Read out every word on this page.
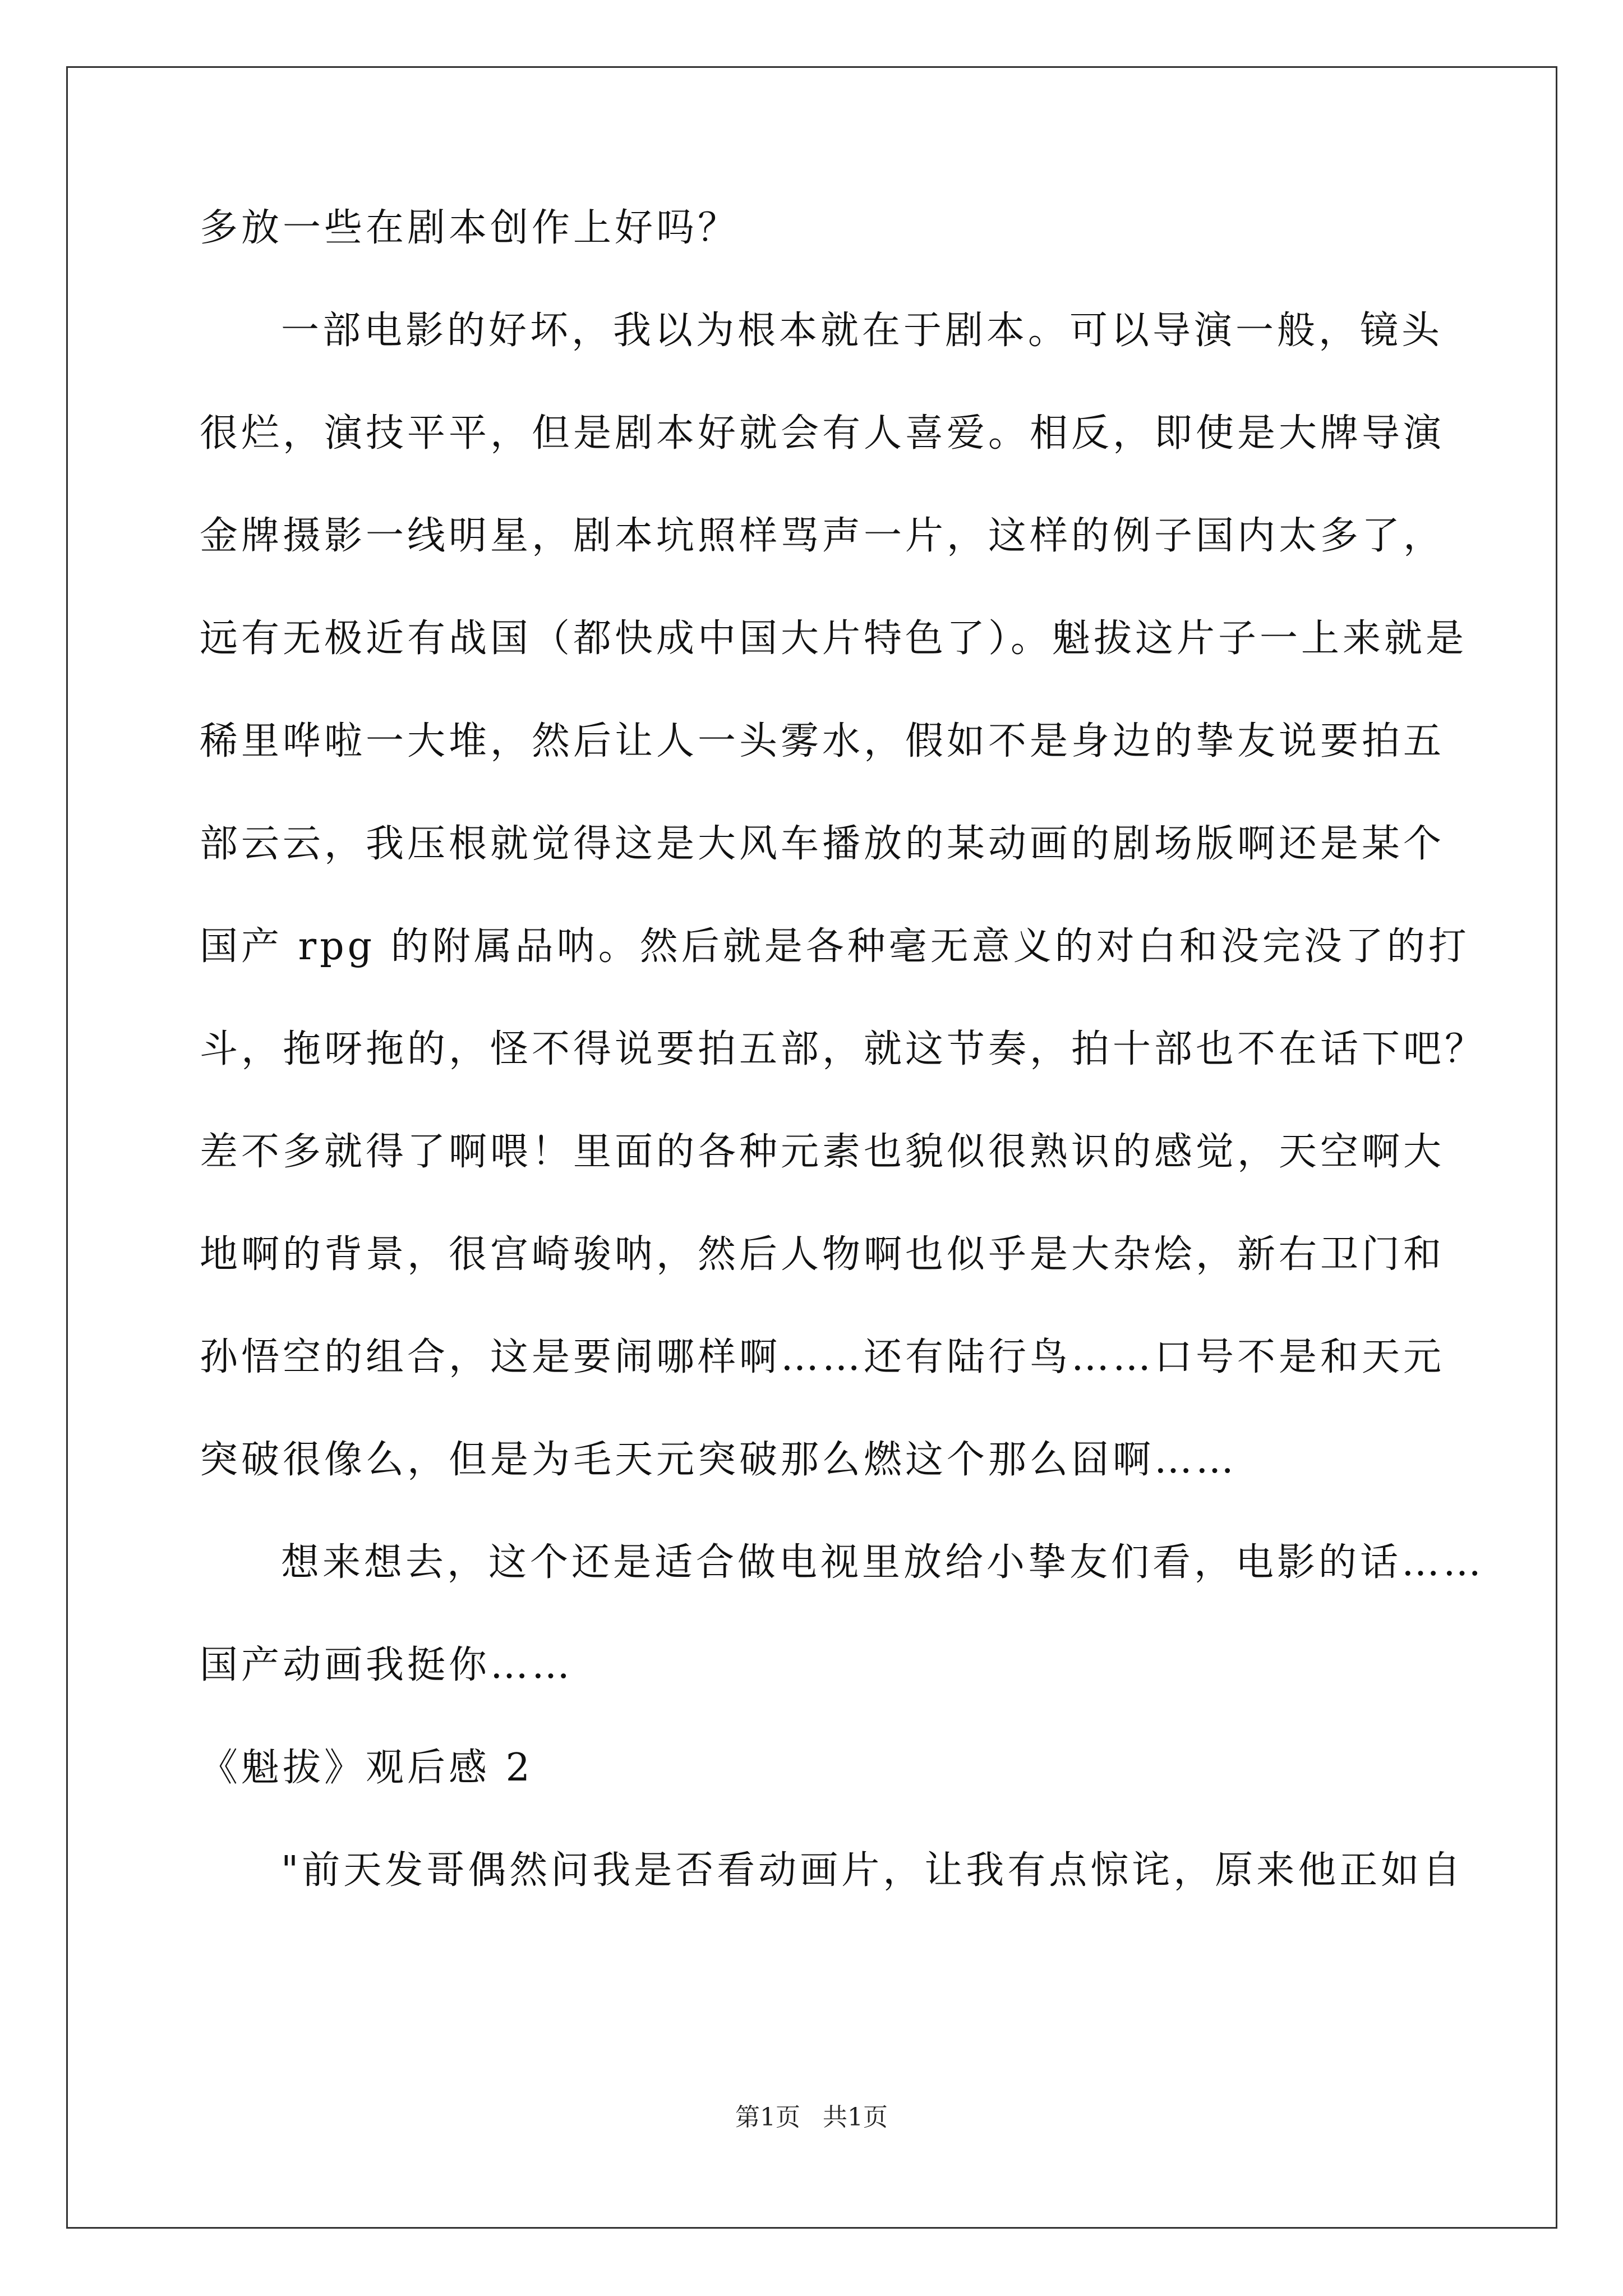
多放一些在剧本创作上好吗？
一部电影的好坏，我以为根本就在于剧本。可以导演一般，镜头
很烂，演技平平，但是剧本好就会有人喜爱。相反，即使是大牌导演
金牌摄影一线明星，剧本坑照样骂声一片，这样的例子国内太多了，
远有无极近有战国（都快成中国大片特色了）。魁拔这片子一上来就是
稀里哗啦一大堆，然后让人一头雾水，假如不是身边的挚友说要拍五
部云云，我压根就觉得这是大风车播放的某动画的剧场版啊还是某个
国产 rpg 的附属品呐。然后就是各种毫无意义的对白和没完没了的打
斗，拖呀拖的，怪不得说要拍五部，就这节奏，拍十部也不在话下吧？
差不多就得了啊喂！里面的各种元素也貌似很熟识的感觉，天空啊大
地啊的背景，很宫崎骏呐，然后人物啊也似乎是大杂烩，新右卫门和
孙悟空的组合，这是要闹哪样啊……还有陆行鸟……口号不是和天元
突破很像么，但是为毛天元突破那么燃这个那么囧啊……
想来想去，这个还是适合做电视里放给小挚友们看，电影的话……
国产动画我挺你……
《魁拔》观后感 2
"前天发哥偶然问我是否看动画片，让我有点惊诧，原来他正如自
第1页 共1页
